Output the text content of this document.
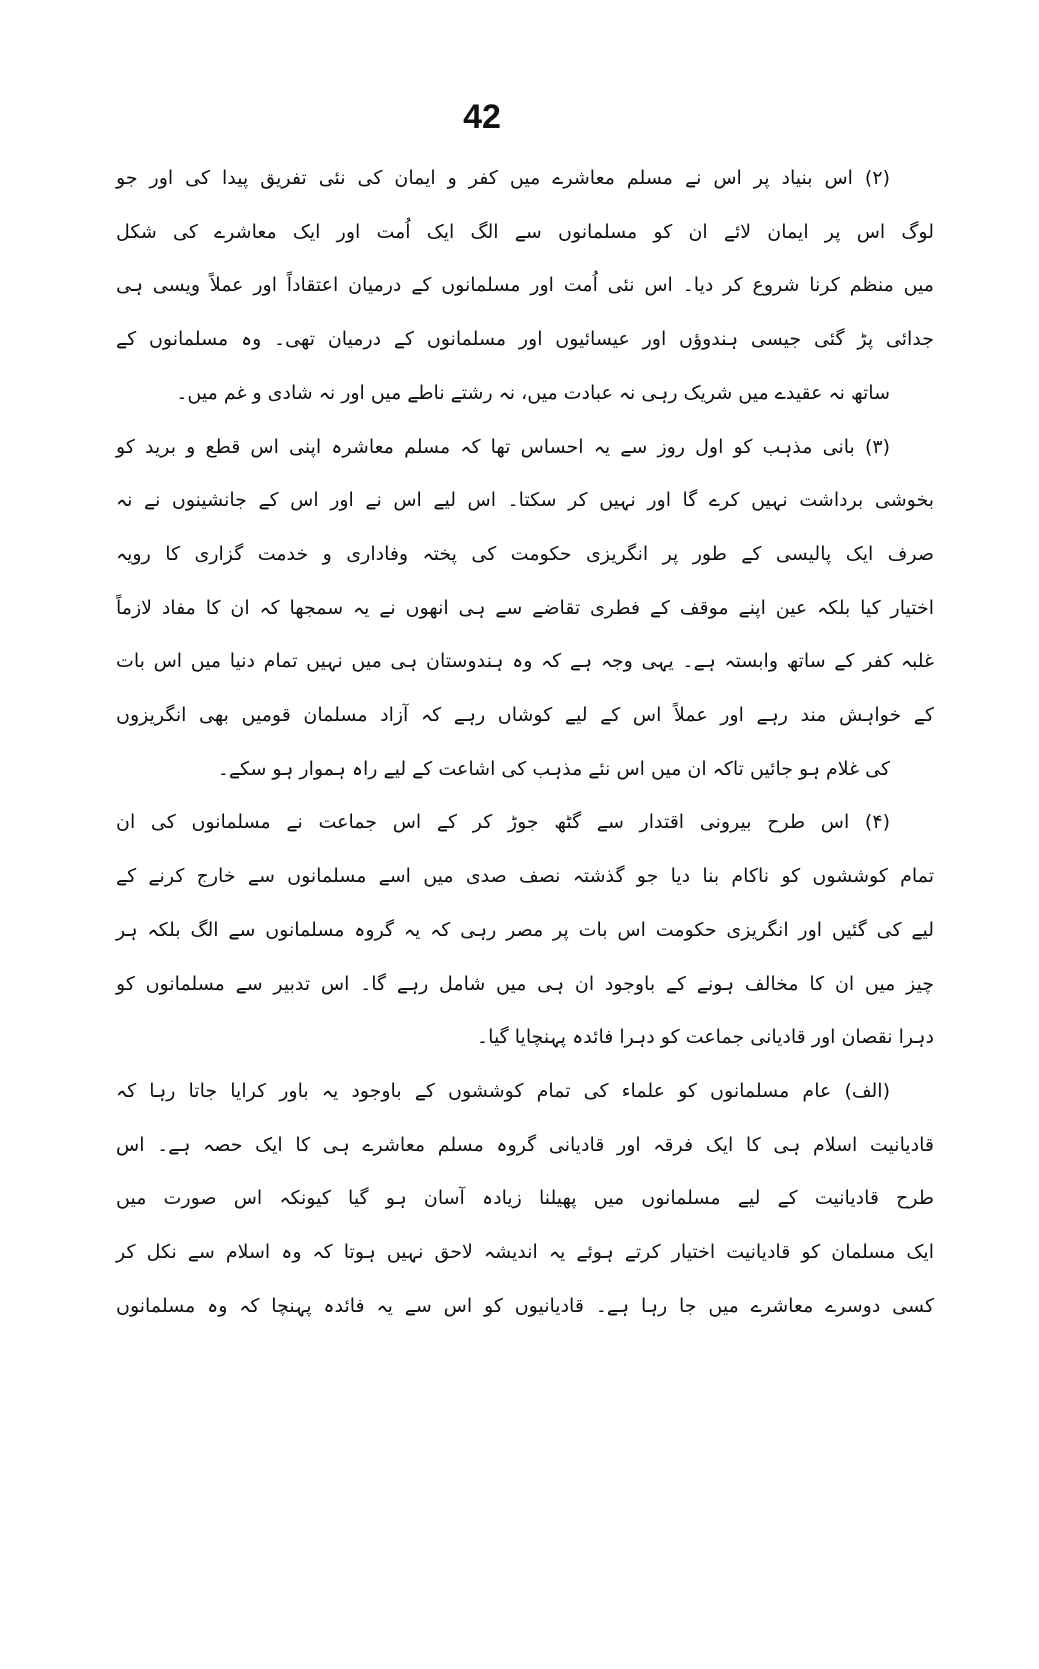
42
(۲) اس بنیاد پر اس نے مسلم معاشرے میں کفر و ایمان کی نئی تفریق پیدا کی اور جو
لوگ اس پر ایمان لائے ان کو مسلمانوں سے الگ ایک اُمت اور ایک معاشرے کی شکل
میں منظم کرنا شروع کر دیا۔ اس نئی اُمت اور مسلمانوں کے درمیان اعتقاداً اور عملاً ویسی ہی
جدائی پڑ گئی جیسی ہندوؤں اور عیسائیوں اور مسلمانوں کے درمیان تھی۔ وہ مسلمانوں کے
ساتھ نہ عقیدے میں شریک رہی نہ عبادت میں، نہ رشتے ناطے میں اور نہ شادی و غم میں۔
(۳) بانی مذہب کو اول روز سے یہ احساس تھا کہ مسلم معاشرہ اپنی اس قطع و برید کو
بخوشی برداشت نہیں کرے گا اور نہیں کر سکتا۔ اس لیے اس نے اور اس کے جانشینوں نے نہ
صرف ایک پالیسی کے طور پر انگریزی حکومت کی پختہ وفاداری و خدمت گزاری کا رویہ
اختیار کیا بلکہ عین اپنے موقف کے فطری تقاضے سے ہی انھوں نے یہ سمجھا کہ ان کا مفاد لازماً
غلبہ کفر کے ساتھ وابستہ ہے۔ یہی وجہ ہے کہ وہ ہندوستان ہی میں نہیں تمام دنیا میں اس بات
کے خواہش مند رہے اور عملاً اس کے لیے کوشاں رہے کہ آزاد مسلمان قومیں بھی انگریزوں
کی غلام ہو جائیں تاکہ ان میں اس نئے مذہب کی اشاعت کے لیے راہ ہموار ہو سکے۔
(۴) اس طرح بیرونی اقتدار سے گٹھ جوڑ کر کے اس جماعت نے مسلمانوں کی ان
تمام کوششوں کو ناکام بنا دیا جو گذشتہ نصف صدی میں اسے مسلمانوں سے خارج کرنے کے
لیے کی گئیں اور انگریزی حکومت اس بات پر مصر رہی کہ یہ گروہ مسلمانوں سے الگ بلکہ ہر
چیز میں ان کا مخالف ہونے کے باوجود ان ہی میں شامل رہے گا۔ اس تدبیر سے مسلمانوں کو
دہرا نقصان اور قادیانی جماعت کو دہرا فائدہ پہنچایا گیا۔
(الف) عام مسلمانوں کو علماء کی تمام کوششوں کے باوجود یہ باور کرایا جاتا رہا کہ
قادیانیت اسلام ہی کا ایک فرقہ اور قادیانی گروہ مسلم معاشرے ہی کا ایک حصہ ہے۔ اس
طرح قادیانیت کے لیے مسلمانوں میں پھیلنا زیادہ آسان ہو گیا کیونکہ اس صورت میں
ایک مسلمان کو قادیانیت اختیار کرتے ہوئے یہ اندیشہ لاحق نہیں ہوتا کہ وہ اسلام سے نکل کر
کسی دوسرے معاشرے میں جا رہا ہے۔ قادیانیوں کو اس سے یہ فائدہ پہنچا کہ وہ مسلمانوں
